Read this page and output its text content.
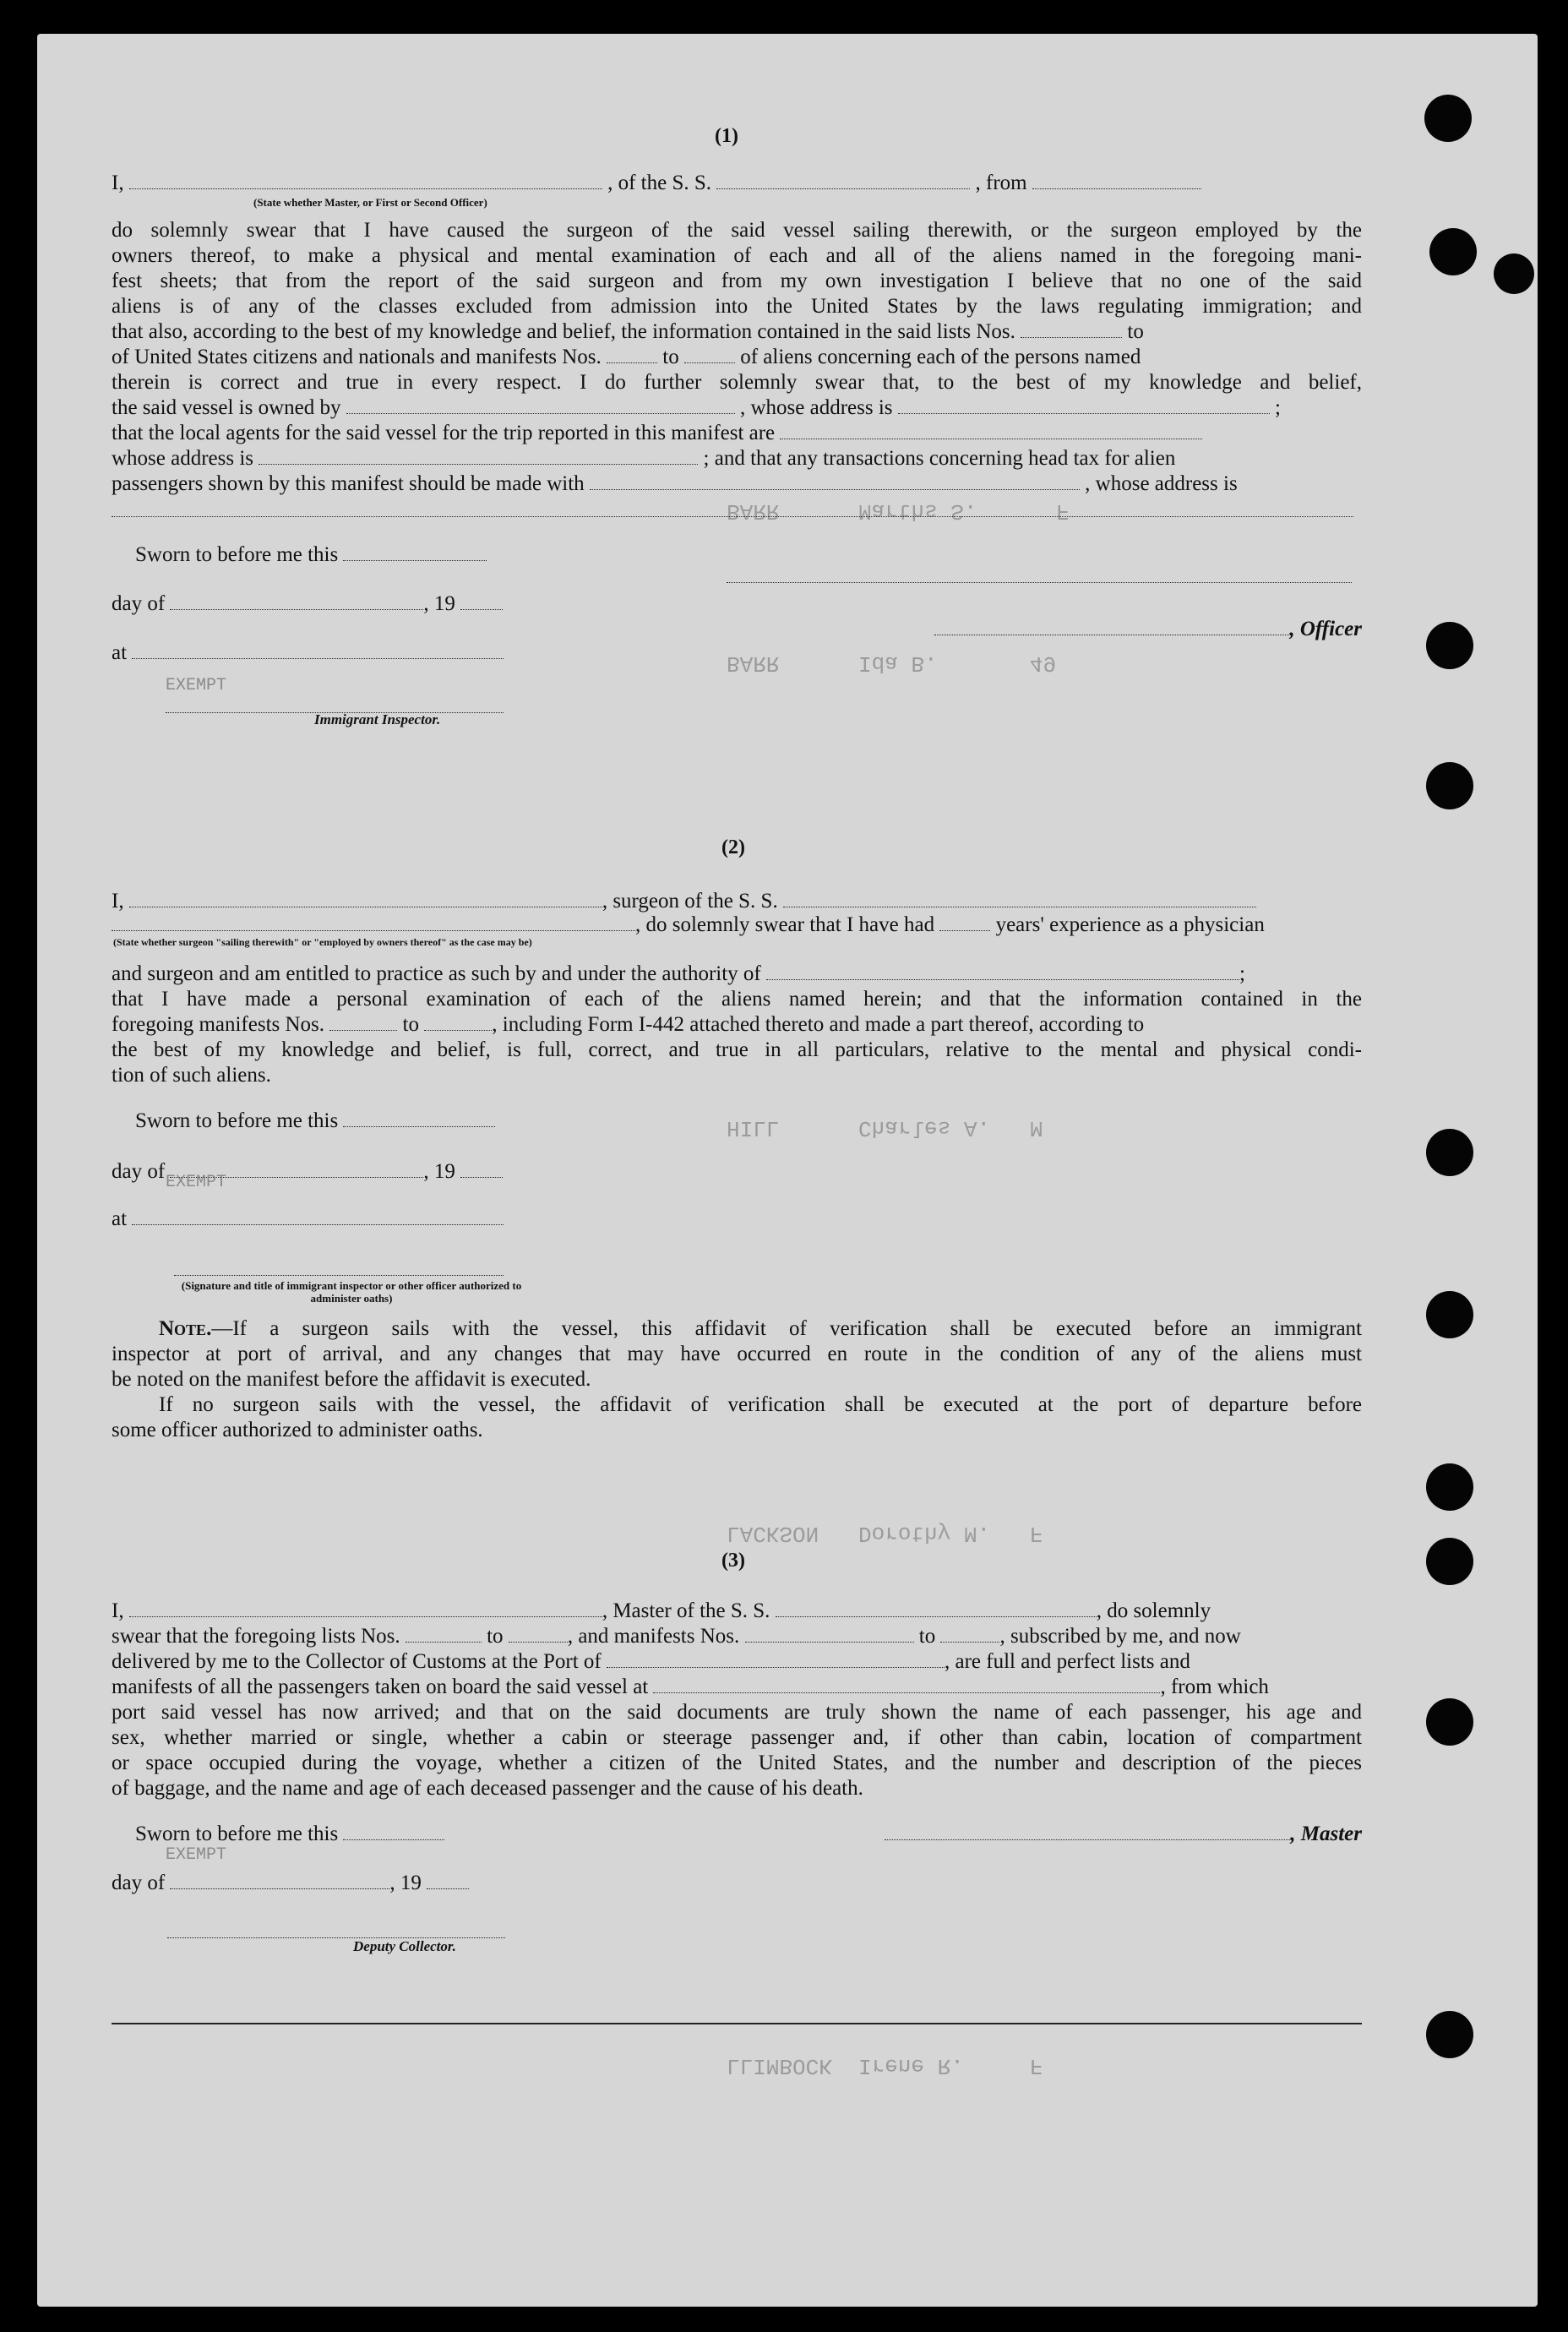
BARR      Marths S.      F
BARR      Ida B.       49
HILL      Charles A.   M
LACKSON   Dorothy M.   F
LLIMBOCK  Irene R.     F
(1)
I,	, of the S. S.	, from
(State whether Master, or First or Second Officer)
do solemnly swear that I have caused the surgeon of the said vessel sailing therewith, or the surgeon employed by the
owners thereof, to make a physical and mental examination of each and all of the aliens named in the foregoing mani-
fest sheets; that from the report of the said surgeon and from my own investigation I believe that no one of the said
aliens is of any of the classes excluded from admission into the United States by the laws regulating immigration; and
that also, according to the best of my knowledge and belief, the information contained in the said lists Nos.	to
of United States citizens and nationals and manifests Nos.	to	of aliens concerning each of the persons named
therein is correct and true in every respect. I do further solemnly swear that, to the best of my knowledge and belief,
the said vessel is owned by	, whose address is	;
that the local agents for the said vessel for the trip reported in this manifest are
whose address is	; and that any transactions concerning head tax for alien
passengers shown by this manifest should be made with	, whose address is
Sworn to before me this
day of	, 19
, Officer
at
Immigrant Inspector.
(2)
I,	, surgeon of the S. S.
, do solemnly swear that I have had	years' experience as a physician
(State whether surgeon "sailing therewith" or "employed by owners thereof" as the case may be)
and surgeon and am entitled to practice as such by and under the authority of	;
that I have made a personal examination of each of the aliens named herein; and that the information contained in the
foregoing manifests Nos.	to	, including Form I-442 attached thereto and made a part thereof, according to
the best of my knowledge and belief, is full, correct, and true in all particulars, relative to the mental and physical condi-
tion of such aliens.
Sworn to before me this
day of	, 19
at
(Signature and title of immigrant inspector or other officer authorized to administer oaths)
Note.—If a surgeon sails with the vessel, this affidavit of verification shall be executed before an immigrant
inspector at port of arrival, and any changes that may have occurred en route in the condition of any of the aliens must
be noted on the manifest before the affidavit is executed.
If no surgeon sails with the vessel, the affidavit of verification shall be executed at the port of departure before
some officer authorized to administer oaths.
(3)
I,	, Master of the S. S.	, do solemnly
swear that the foregoing lists Nos.	to	, and manifests Nos.	to	, subscribed by me, and now
delivered by me to the Collector of Customs at the Port of	, are full and perfect lists and
manifests of all the passengers taken on board the said vessel at	, from which
port said vessel has now arrived; and that on the said documents are truly shown the name of each passenger, his age and
sex, whether married or single, whether a cabin or steerage passenger and, if other than cabin, location of compartment
or space occupied during the voyage, whether a citizen of the United States, and the number and description of the pieces
of baggage, and the name and age of each deceased passenger and the cause of his death.
Sworn to before me this	, Master
day of	, 19
Deputy Collector.
EXEMPT
EXEMPT
EXEMPT
